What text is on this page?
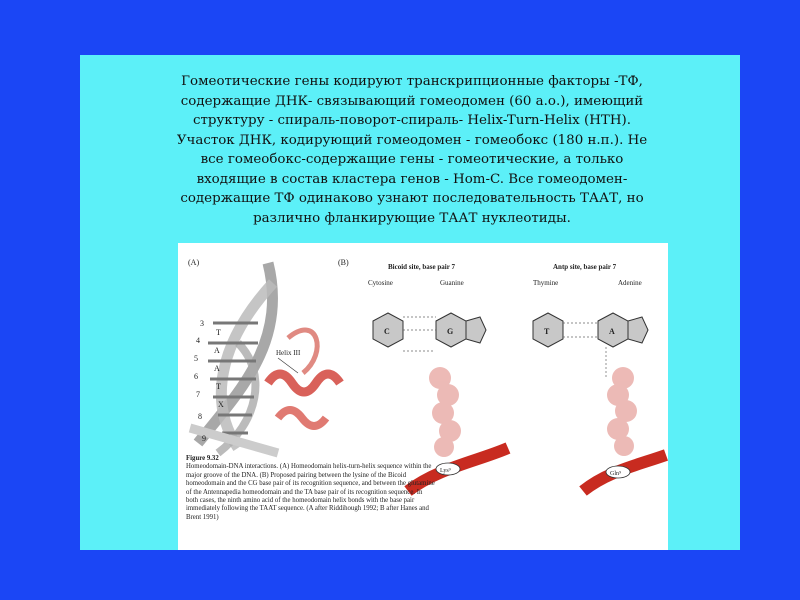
Гомеотические гены кодируют транскрипционные факторы -ТФ, содержащие ДНК- связывающий гомеодомен (60 а.о.), имеющий структуру - спираль-поворот-спираль- Helix-Turn-Helix (HTH). Участок ДНК, кодирующий гомеодомен - гомеобокс (180 н.п.). Не все гомеобокс-содержащие гены - гомеотические, а только входящие в состав кластера генов - Hom-C. Все гомеодомен-содержащие ТФ одинаково узнают последовательность ТААТ, но различно фланкирующие ТААТ нуклеотиды.

(A)
Helix III
3
4
5
6
7
8
9
T
A
A
T
X
(B)	Bicoid site, base pair 7	Antp site, base pair 7
Cytosine	Guanine	Thymine	Adenine
C	G	T	A
Lys⁹	Gln⁹
Figure 9.32
Homeodomain-DNA interactions. (A) Homeodomain helix-turn-helix sequence within the major groove of the DNA. (B) Proposed pairing between the lysine of the Bicoid homeodomain and the CG base pair of its recognition sequence, and between the glutamine of the Antennapedia homeodomain and the TA base pair of its recognition sequence. In both cases, the ninth amino acid of the homeodomain helix bonds with the base pair immediately following the TAAT sequence. (A after Riddihough 1992; B after Hanes and Brent 1991)
